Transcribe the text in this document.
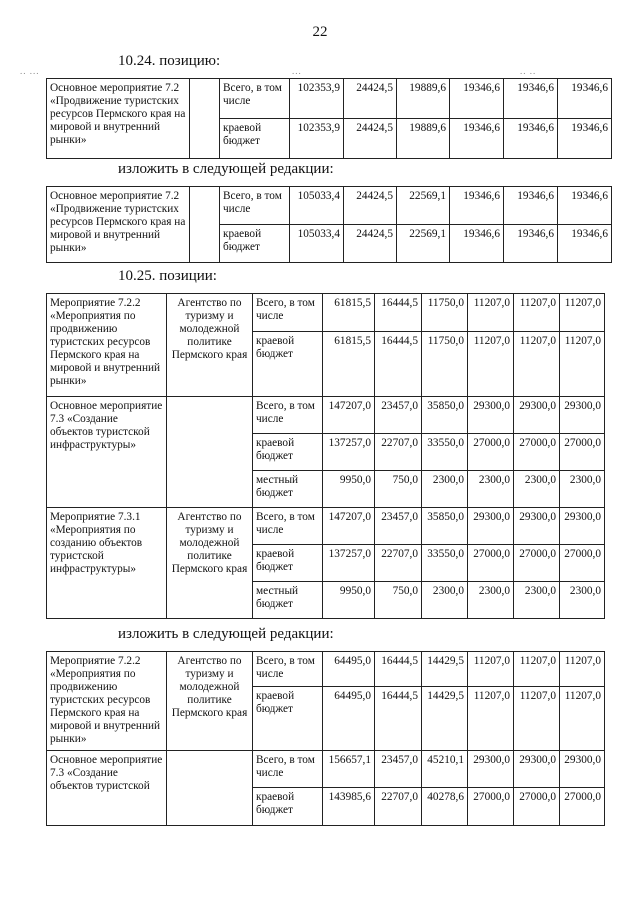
22
.. ...	...	.. ..
10.24. позицию:
Основное мероприятие 7.2 «Продвижение туристских ресурсов Пермского края на мировой и внутренний рынки»		Всего, в том числе	102353,9	24424,5	19889,6	19346,6	19346,6	19346,6
		краевой бюджет	102353,9	24424,5	19889,6	19346,6	19346,6	19346,6
изложить в следующей редакции:
Основное мероприятие 7.2 «Продвижение туристских ресурсов Пермского края на мировой и внутренний рынки»		Всего, в том числе	105033,4	24424,5	22569,1	19346,6	19346,6	19346,6
		краевой бюджет	105033,4	24424,5	22569,1	19346,6	19346,6	19346,6
10.25. позиции:
Мероприятие 7.2.2 «Мероприятия по продвижению туристских ресурсов Пермского края на мировой и внутренний рынки»	Агентство по туризму и молодежной политике Пермского края	Всего, в том числе	61815,5	16444,5	11750,0	11207,0	11207,0	11207,0
		краевой бюджет	61815,5	16444,5	11750,0	11207,0	11207,0	11207,0
Основное мероприятие 7.3 «Создание объектов туристской инфраструктуры»		Всего, в том числе	147207,0	23457,0	35850,0	29300,0	29300,0	29300,0
		краевой бюджет	137257,0	22707,0	33550,0	27000,0	27000,0	27000,0
		местный бюджет	9950,0	750,0	2300,0	2300,0	2300,0	2300,0
Мероприятие 7.3.1 «Мероприятия по созданию объектов туристской инфраструктуры»	Агентство по туризму и молодежной политике Пермского края	Всего, в том числе	147207,0	23457,0	35850,0	29300,0	29300,0	29300,0
		краевой бюджет	137257,0	22707,0	33550,0	27000,0	27000,0	27000,0
		местный бюджет	9950,0	750,0	2300,0	2300,0	2300,0	2300,0
изложить в следующей редакции:
Мероприятие 7.2.2 «Мероприятия по продвижению туристских ресурсов Пермского края на мировой и внутренний рынки»	Агентство по туризму и молодежной политике Пермского края	Всего, в том числе	64495,0	16444,5	14429,5	11207,0	11207,0	11207,0
		краевой бюджет	64495,0	16444,5	14429,5	11207,0	11207,0	11207,0
Основное мероприятие 7.3 «Создание объектов туристской		Всего, в том числе	156657,1	23457,0	45210,1	29300,0	29300,0	29300,0
		краевой бюджет	143985,6	22707,0	40278,6	27000,0	27000,0	27000,0
